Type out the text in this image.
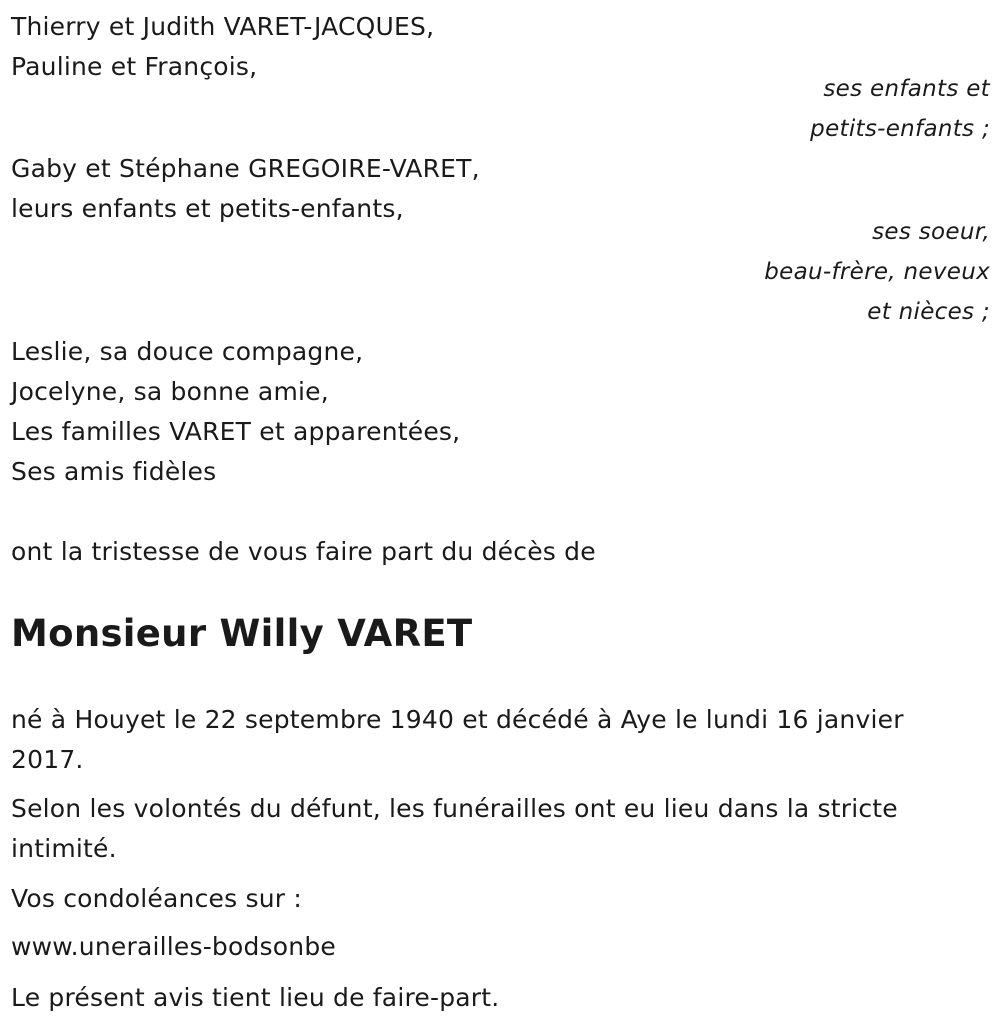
Thierry et Judith VARET-JACQUES,
Pauline et François,
ses enfants et
petits-enfants ;
Gaby et Stéphane GREGOIRE-VARET,
leurs enfants et petits-enfants,
ses soeur,
beau-frère, neveux
et nièces ;
Leslie, sa douce compagne,
Jocelyne, sa bonne amie,
Les familles VARET et apparentées,
Ses amis fidèles
ont la tristesse de vous faire part du décès de
Monsieur Willy VARET
né à Houyet le 22 septembre 1940 et décédé à Aye le lundi 16 janvier
2017.
Selon les volontés du défunt, les funérailles ont eu lieu dans la stricte
intimité.
Vos condoléances sur :
www.unerailles-bodsonbe
Le présent avis tient lieu de faire-part.
